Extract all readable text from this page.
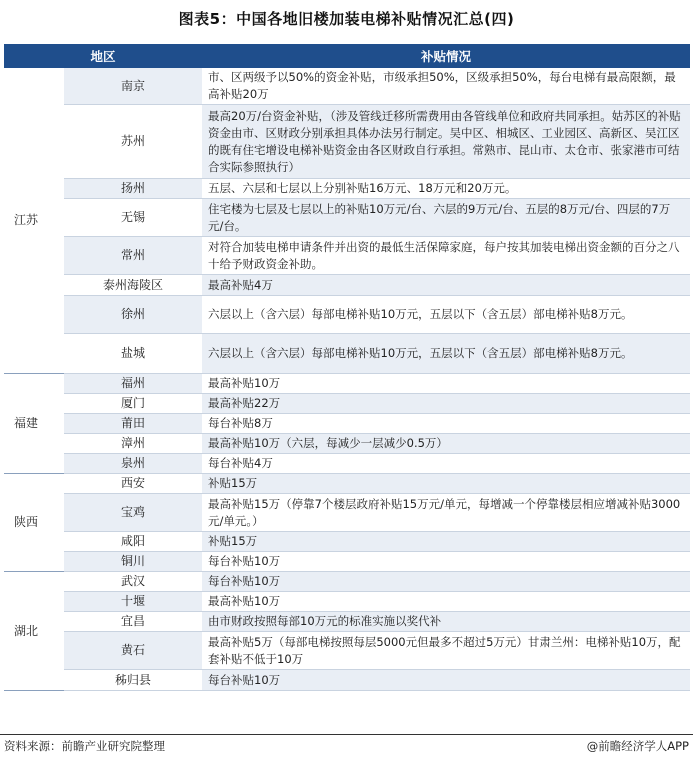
图表5：中国各地旧楼加装电梯补贴情况汇总(四)
地区		补贴情况
江苏	南京	市、区两级予以50%的资金补贴，市级承担50%，区级承担50%，每台电梯有最高限额，最高补贴20万
	苏州	最高20万/台资金补贴，（涉及管线迁移所需费用由各管线单位和政府共同承担。姑苏区的补贴资金由市、区财政分别承担具体办法另行制定。吴中区、相城区、工业园区、高新区、吴江区的既有住宅增设电梯补贴资金由各区财政自行承担。常熟市、昆山市、太仓市、张家港市可结合实际参照执行）
	扬州	五层、六层和七层以上分别补贴16万元、18万元和20万元。
	无锡	住宅楼为七层及七层以上的补贴10万元/台、六层的9万元/台、五层的8万元/台、四层的7万元/台。
	常州	对符合加装电梯申请条件并出资的最低生活保障家庭，每户按其加装电梯出资金额的百分之八十给予财政资金补助。
	泰州海陵区	最高补贴4万
	徐州	六层以上（含六层）每部电梯补贴10万元，五层以下（含五层）部电梯补贴8万元。
	盐城	六层以上（含六层）每部电梯补贴10万元，五层以下（含五层）部电梯补贴8万元。
福建	福州	最高补贴10万
	厦门	最高补贴22万
	莆田	每台补贴8万
	漳州	最高补贴10万（六层，每减少一层减少0.5万）
	泉州	每台补贴4万
陕西	西安	补贴15万
	宝鸡	最高补贴15万（停靠7个楼层政府补贴15万元/单元，每增减一个停靠楼层相应增减补贴3000元/单元。）
	咸阳	补贴15万
	铜川	每台补贴10万
湖北	武汉	每台补贴10万
	十堰	最高补贴10万
	宜昌	由市财政按照每部10万元的标准实施以奖代补
	黄石	最高补贴5万（每部电梯按照每层5000元但最多不超过5万元）甘肃兰州：电梯补贴10万，配套补贴不低于10万
	秭归县	每台补贴10万
资料来源：前瞻产业研究院整理	@前瞻经济学人APP
